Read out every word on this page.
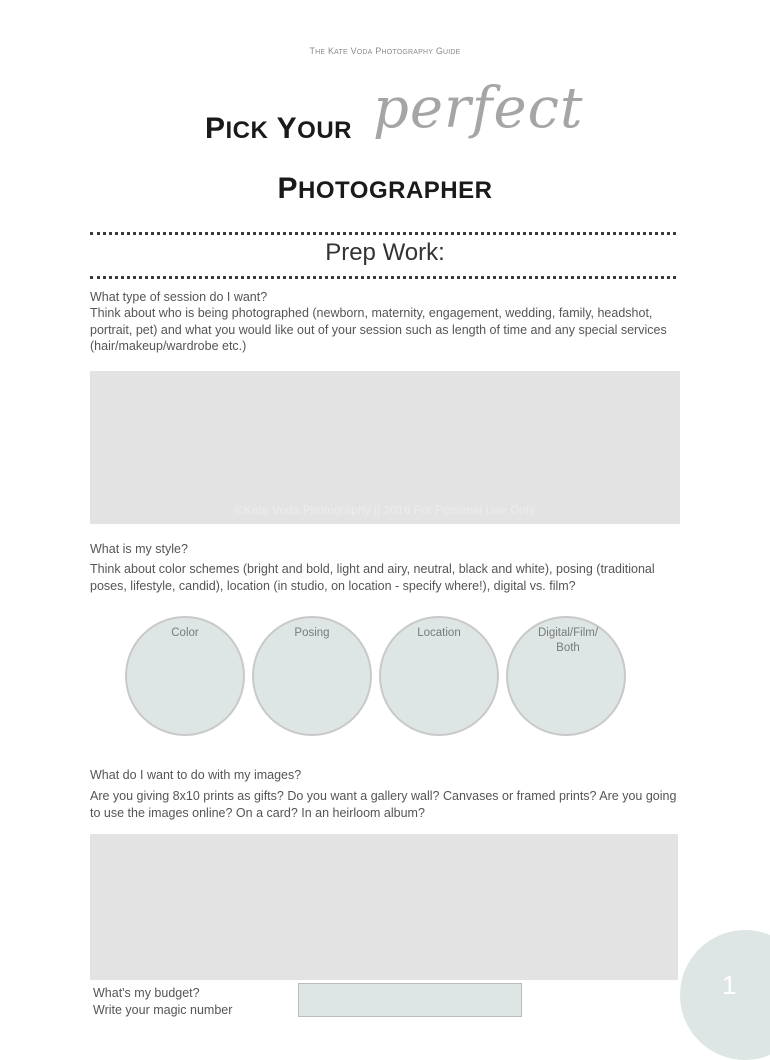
THE KATE VODA PHOTOGRAPHY GUIDE
PICK YOUR perfect
PHOTOGRAPHER
Prep Work:
What type of session do I want?
Think about who is being photographed (newborn, maternity, engagement, wedding, family, headshot, portrait, pet) and what you would like out of your session such as length of time and any special services (hair/makeup/wardrobe etc.)
©Kate Voda Photography || 2016 For Personal Use Only
What is my style?
Think about color schemes (bright and bold, light and airy, neutral, black and white), posing (traditional poses, lifestyle, candid), location (in studio, on location - specify where!), digital vs. film?
Color	Posing	Location	Digital/Film/ Both
What do I want to do with my images?
Are you giving 8x10 prints as gifts? Do you want a gallery wall? Canvases or framed prints? Are you going to use the images online? On a card? In an heirloom album?
1
What's my budget?
Write your magic number
